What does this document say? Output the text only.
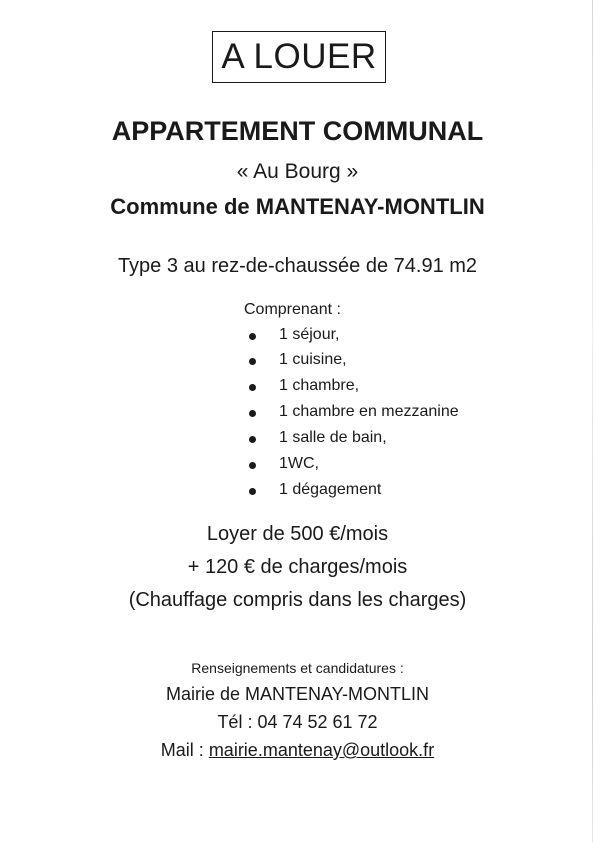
A LOUER
APPARTEMENT COMMUNAL
« Au Bourg »
Commune de MANTENAY-MONTLIN
Type 3 au rez-de-chaussée de 74.91 m2
Comprenant :
1 séjour,
1 cuisine,
1 chambre,
1 chambre en mezzanine
1 salle de bain,
1WC,
1 dégagement
Loyer de 500 €/mois
+ 120 € de charges/mois
(Chauffage compris dans les charges)
Renseignements et candidatures :
Mairie de MANTENAY-MONTLIN
Tél : 04 74 52 61 72
Mail : mairie.mantenay@outlook.fr
